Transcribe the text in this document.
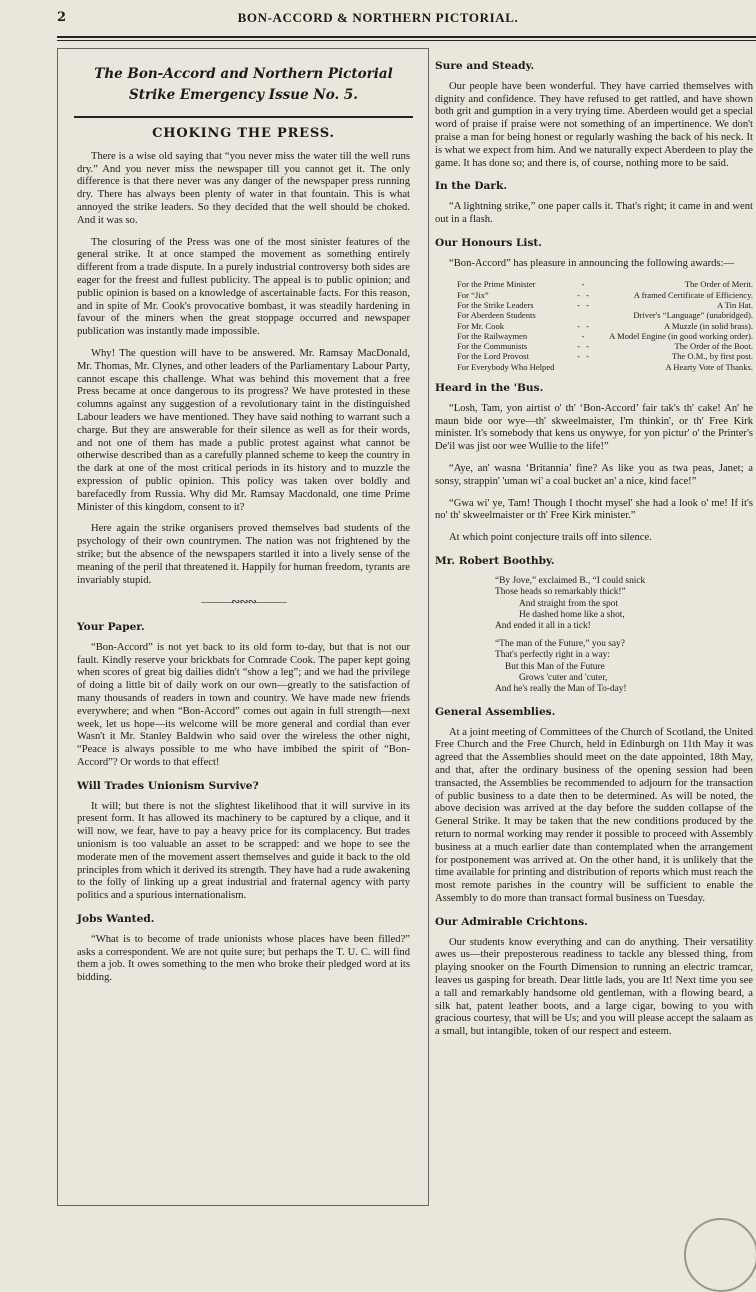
2	BON-ACCORD & NORTHERN PICTORIAL.
The Bon-Accord and Northern Pictorial
Strike Emergency Issue No. 5.
CHOKING THE PRESS.

There is a wise old saying that “you never miss the water till the well runs dry.” And you never miss the newspaper till you cannot get it. The only difference is that there never was any danger of the newspaper press running dry. There has always been plenty of water in that fountain. This is what annoyed the strike leaders. So they decided that the well should be choked. And it was so.

The closuring of the Press was one of the most sinister features of the general strike. It at once stamped the movement as something entirely different from a trade dispute. In a purely industrial controversy both sides are eager for the freest and fullest publicity. The appeal is to public opinion; and public opinion is based on a knowledge of ascertainable facts. For this reason, and in spite of Mr. Cook's provocative bombast, it was steadily hardening in favour of the miners when the great stoppage occurred and newspaper publication was instantly made impossible.

Why! The question will have to be answered. Mr. Ramsay MacDonald, Mr. Thomas, Mr. Clynes, and other leaders of the Parliamentary Labour Party, cannot escape this challenge. What was behind this movement that a free Press became at once dangerous to its progress? We have protested in these columns against any suggestion of a revolutionary taint in the distinguished Labour leaders we have mentioned. They have said nothing to warrant such a charge. But they are answerable for their silence as well as for their words, and not one of them has made a public protest against what cannot be otherwise described than as a carefully planned scheme to keep the country in the dark at one of the most critical periods in its history and to muzzle the expression of public opinion. This policy was taken over boldly and barefacedly from Russia. Why did Mr. Ramsay Macdonald, one time Prime Minister of this kingdom, consent to it?

Here again the strike organisers proved themselves bad students of the psychology of their own countrymen. The nation was not frightened by the strike; but the absence of the newspapers startled it into a lively sense of the meaning of the peril that threatened it. Happily for human freedom, tyrants are invariably stupid.

———∾∾∾———
Your Paper.

“Bon-Accord” is not yet back to its old form to-day, but that is not our fault. Kindly reserve your brickbats for Comrade Cook. The paper kept going when scores of great big dailies didn't “show a leg”; and we had the privilege of doing a little bit of daily work on our own—greatly to the satisfaction of many thousands of readers in town and country. We have made new friends everywhere; and when “Bon-Accord” comes out again in full strength—next week, let us hope—its welcome will be more general and cordial than ever Wasn't it Mr. Stanley Baldwin who said over the wireless the other night, “Peace is always possible to me who have imbibed the spirit of “Bon-Accord”? Or words to that effect!

Will Trades Unionism Survive?

It will; but there is not the slightest likelihood that it will survive in its present form. It has allowed its machinery to be captured by a clique, and it will now, we fear, have to pay a heavy price for its complacency. But trades unionism is too valuable an asset to be scrapped: and we hope to see the moderate men of the movement assert themselves and guide it back to the old principles from which it derived its strength. They have had a rude awakening to the folly of linking up a great industrial and fraternal agency with party politics and a spurious internationalism.

Jobs Wanted.

“What is to become of trade unionists whose places have been filled?” asks a correspondent. We are not quite sure; but perhaps the T. U. C. will find them a job. It owes something to the men who broke their pledged word at its bidding.

Sure and Steady.

Our people have been wonderful. They have carried themselves with dignity and confidence. They have refused to get rattled, and have shown both grit and gumption in a very trying time. Aberdeen would get a special word of praise if praise were not something of an impertinence. We don't praise a man for being honest or regularly washing the back of his neck. It is what we expect from him. And we naturally expect Aberdeen to play the game. It has done so; and there is, of course, nothing more to be said.

In the Dark.

“A lightning strike,” one paper calls it. That's right; it came in and went out in a flash.

Our Honours List.

“Bon-Accord” has pleasure in announcing the following awards:—

For the Prime Minister	-	The Order of Merit.
For “Jix”	- -	A framed Certificate of Efficiency.
For the Strike Leaders	- -	A Tin Hat.
For Aberdeen Students		Driver's “Language” (unabridged).
For Mr. Cook	- -	A Muzzle (in solid brass).
For the Railwaymen	-	A Model Engine (in good working order).
For the Communists	- -	The Order of the Boot.
For the Lord Provost	- -	The O.M., by first post.
For Everybody Who Helped		A Hearty Vote of Thanks.
Heard in the 'Bus.

“Losh, Tam, yon airtist o' th' ‘Bon-Accord’ fair tak's th' cake! An' he maun bide oor wye—th' skweelmaister, I'm thinkin', or th' Free Kirk minister. It's somebody that kens us onywye, for yon pictur' o' the Printer's De'il was jist oor wee Wullie to the life!”

“Aye, an' wasna ‘Britannia’ fine? As like you as twa peas, Janet; a sonsy, strappin' 'uman wi' a coal bucket an' a nice, kind face!”

“Gwa wi' ye, Tam! Though I thocht mysel' she had a look o' me! If it's no' th' skweelmaister or th' Free Kirk minister.”

At which point conjecture trails off into silence.

Mr. Robert Boothby.
“By Jove,” exclaimed B., “I could snick
Those heads so remarkably thick!”
And straight from the spot
He dashed home like a shot,
And ended it all in a tick!
“The man of the Future,” you say?
That's perfectly right in a way:
But this Man of the Future
Grows 'cuter and 'cuter,
And he's really the Man of To-day!
General Assemblies.

At a joint meeting of Committees of the Church of Scotland, the United Free Church and the Free Church, held in Edinburgh on 11th May it was agreed that the Assemblies should meet on the date appointed, 18th May, and that, after the ordinary business of the opening session had been transacted, the Assemblies be recommended to adjourn for the transaction of public business to a date then to be determined. As will be noted, the above decision was arrived at the day before the sudden collapse of the General Strike. It may be taken that the new conditions produced by the return to normal working may render it possible to proceed with Assembly business at a much earlier date than contemplated when the arrangement for postponement was arrived at. On the other hand, it is unlikely that the time available for printing and distribution of reports which must reach the most remote parishes in the country will be sufficient to enable the Assembly to do more than transact formal business on Tuesday.

Our Admirable Crichtons.

Our students know everything and can do anything. Their versatility awes us—their preposterous readiness to tackle any blessed thing, from playing snooker on the Fourth Dimension to running an electric tramcar, leaves us gasping for breath. Dear little lads, you are It! Next time you see a tall and remarkably handsome old gentleman, with a flowing beard, a silk hat, patent leather boots, and a large cigar, bowing to you with gracious courtesy, that will be Us; and you will please accept the salaam as a small, but intangible, token of our respect and esteem.
